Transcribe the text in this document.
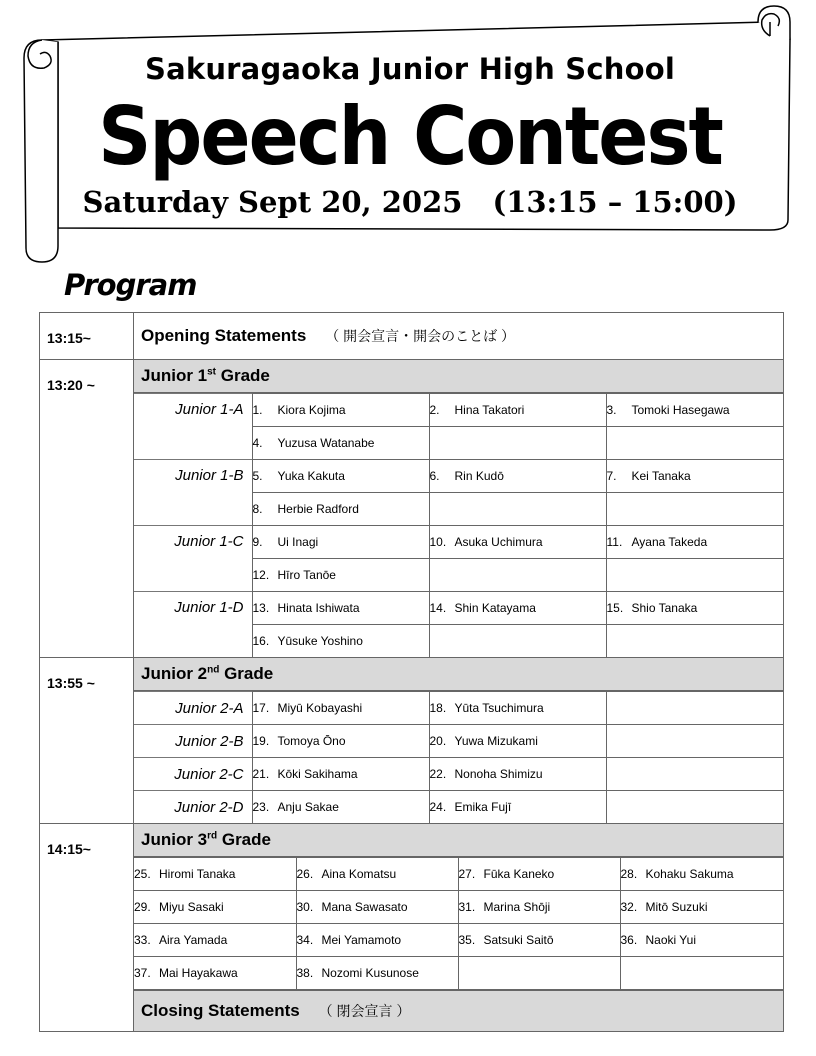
Sakuragaoka Junior High School
Speech Contest
Saturday Sept 20, 2025 (13:15 – 15:00)
Program
13:15~	Opening Statements （ 開会宣言・開会のことば ）
13:20 ~	Junior 1st Grade

Junior 1-A	1. Kiora Kojima	2. Hina Takatori	3. Tomoki Hasegawa
4. Yuzusa Watanabe		
Junior 1-B	5. Yuka Kakuta	6. Rin Kudō	7. Kei Tanaka
8. Herbie Radford		
Junior 1-C	9. Ui Inagi	10. Asuka Uchimura	11. Ayana Takeda
12. Hīro Tanōe		
Junior 1-D	13. Hinata Ishiwata	14. Shin Katayama	15. Shio Tanaka
16. Yūsuke Yoshino		

13:55 ~	Junior 2nd Grade

Junior 2-A	17. Miyū Kobayashi	18. Yūta Tsuchimura	
Junior 2-B	19. Tomoya Ōno	20. Yuwa Mizukami	
Junior 2-C	21. Kōki Sakihama	22. Nonoha Shimizu	
Junior 2-D	23. Anju Sakae	24. Emika Fujī	

14:15~	Junior 3rd Grade

25. Hiromi Tanaka	26. Aina Komatsu	27. Fūka Kaneko	28. Kohaku Sakuma
29. Miyu Sasaki	30. Mana Sawasato	31. Marina Shōji	32. Mitō Suzuki
33. Aira Yamada	34. Mei Yamamoto	35. Satsuki Saitō	36. Naoki Yui
37. Mai Hayakawa	38. Nozomi Kusunose		

Closing Statements （ 閉会宣言 ）
